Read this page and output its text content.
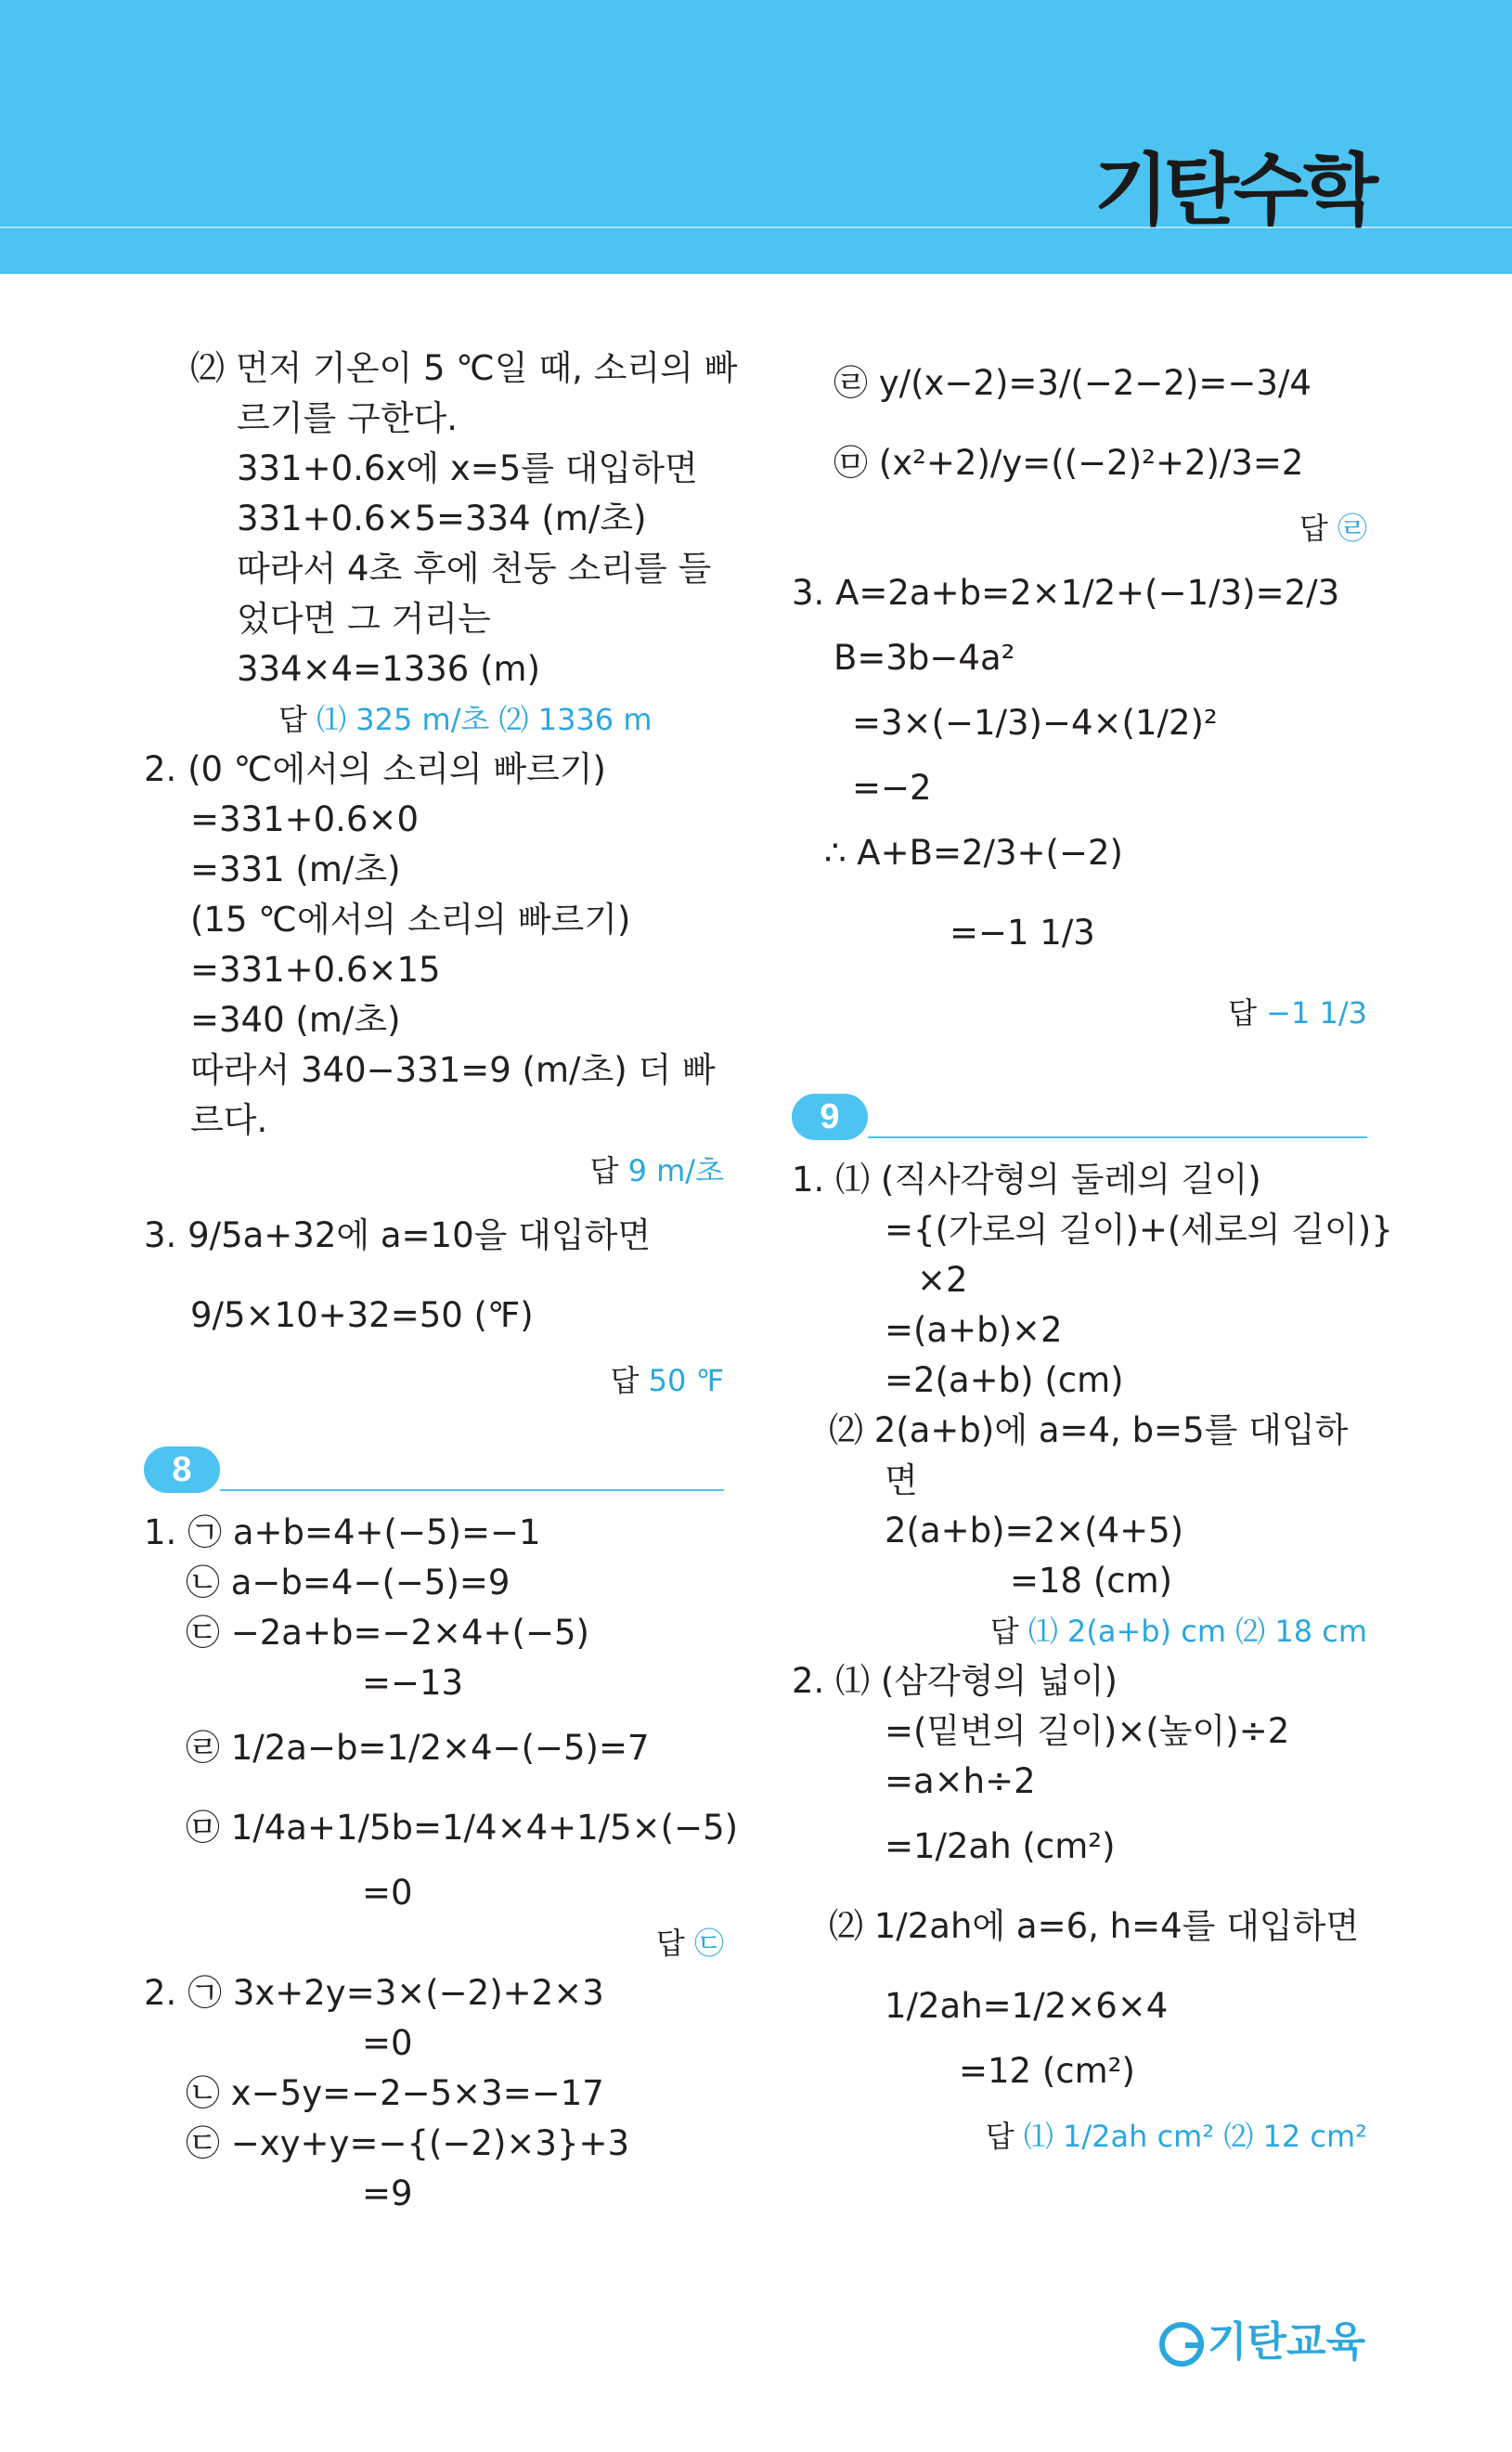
기탄수학
⑵ 먼저 기온이 5 ℃일 때, 소리의 빠
르기를 구한다.
331+0.6x에 x=5를 대입하면
331+0.6×5=334 (m/초)
따라서 4초 후에 천둥 소리를 들
었다면 그 거리는
334×4=1336 (m)
답 ⑴ 325 m/초 ⑵ 1336 m
2. (0 ℃에서의 소리의 빠르기)
=331+0.6×0
=331 (m/초)
(15 ℃에서의 소리의 빠르기)
=331+0.6×15
=340 (m/초)
따라서 340−331=9 (m/초) 더 빠
르다.
답 9 m/초
3. 9/5a+32에 a=10을 대입하면
9/5×10+32=50 (℉)
답 50 ℉
8
1. ㉠ a+b=4+(−5)=−1
㉡ a−b=4−(−5)=9
㉢ −2a+b=−2×4+(−5)
=−13
㉣ 1/2a−b=1/2×4−(−5)=7
㉤ 1/4a+1/5b=1/4×4+1/5×(−5)
=0
답 ㉢
2. ㉠ 3x+2y=3×(−2)+2×3
=0
㉡ x−5y=−2−5×3=−17
㉢ −xy+y=−{(−2)×3}+3
=9
㉣ y/(x−2)=3/(−2−2)=−3/4
㉤ (x²+2)/y=((−2)²+2)/3=2
답 ㉣
3. A=2a+b=2×1/2+(−1/3)=2/3
B=3b−4a²
=3×(−1/3)−4×(1/2)²
=−2
∴ A+B=2/3+(−2)
=−1 1/3
답 −1 1/3
9
1. ⑴ (직사각형의 둘레의 길이)
={(가로의 길이)+(세로의 길이)}
×2
=(a+b)×2
=2(a+b) (cm)
⑵ 2(a+b)에 a=4, b=5를 대입하
면
2(a+b)=2×(4+5)
=18 (cm)
답 ⑴ 2(a+b) cm ⑵ 18 cm
2. ⑴ (삼각형의 넓이)
=(밑변의 길이)×(높이)÷2
=a×h÷2
=1/2ah (cm²)
⑵ 1/2ah에 a=6, h=4를 대입하면
1/2ah=1/2×6×4
=12 (cm²)
답 ⑴ 1/2ah cm² ⑵ 12 cm²
기탄교육
